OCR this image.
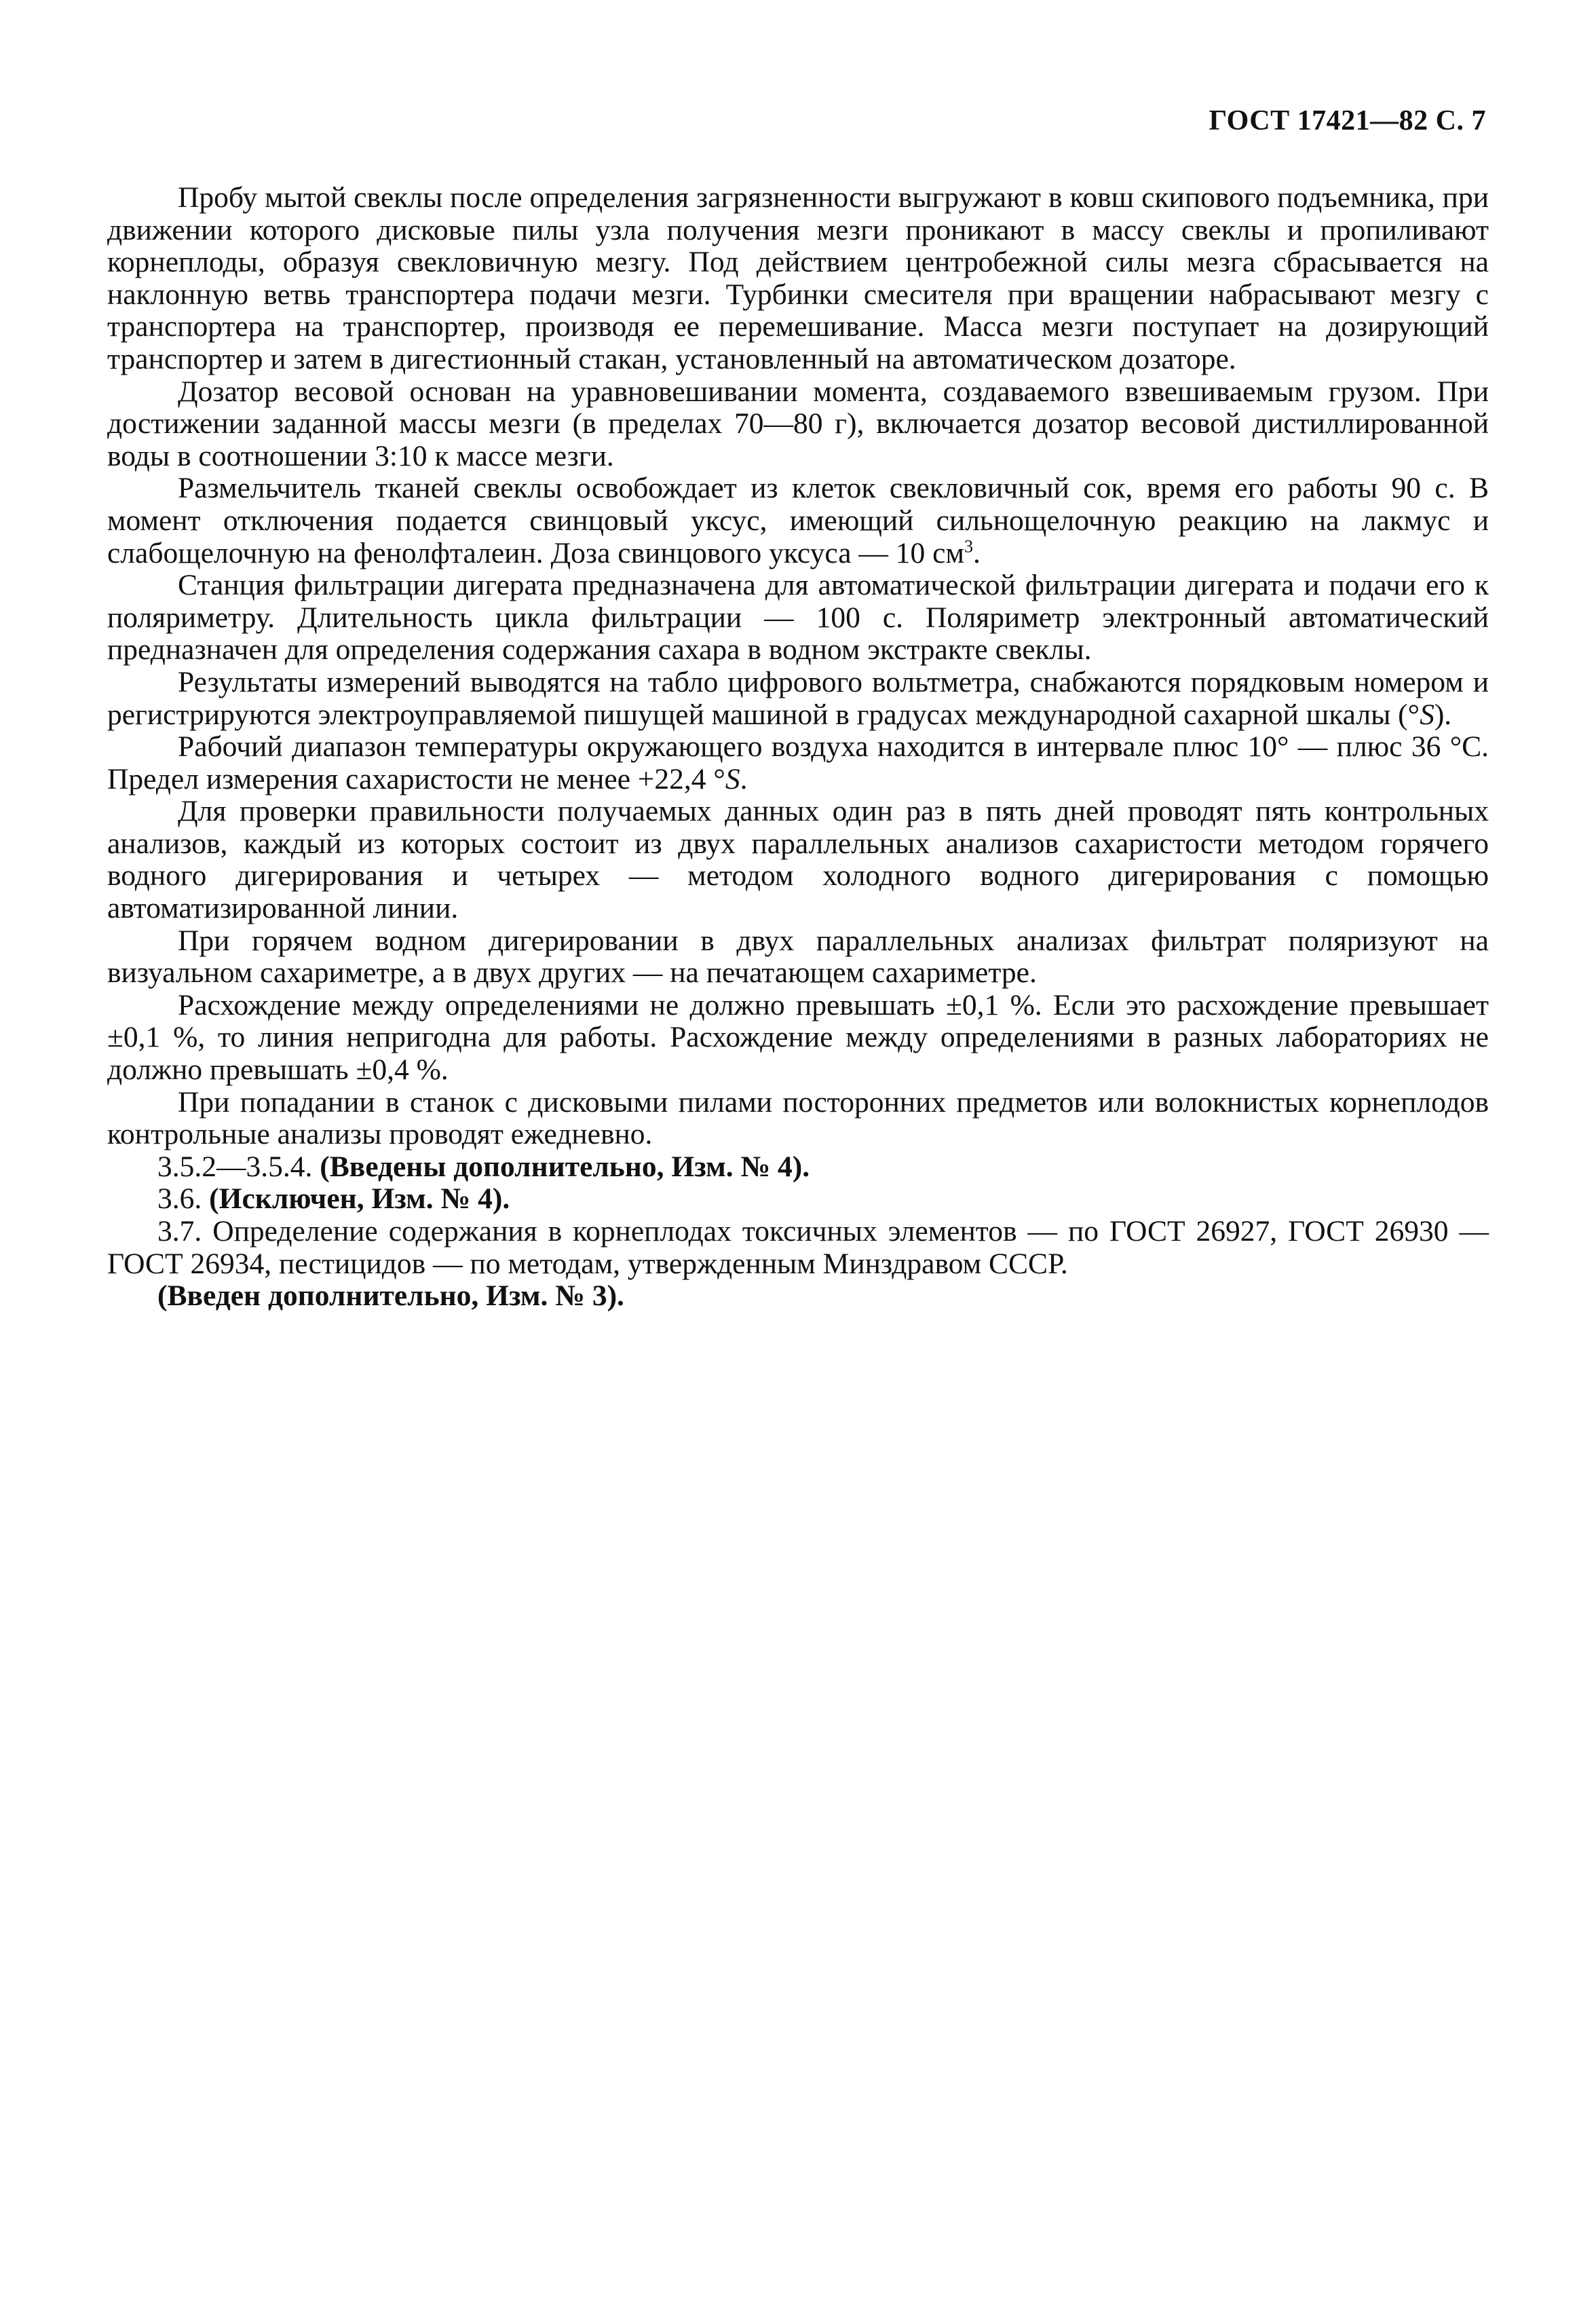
ГОСТ 17421—82 С. 7

Пробу мытой свеклы после определения загрязненности выгружают в ковш скипового подъемника, при движении которого дисковые пилы узла получения мезги проникают в массу свеклы и пропиливают корнеплоды, образуя свекловичную мезгу. Под действием центробежной силы мезга сбрасывается на наклонную ветвь транспортера подачи мезги. Турбинки смесителя при вращении набрасывают мезгу с транспортера на транспортер, производя ее перемешивание. Масса мезги поступает на дозирующий транспортер и затем в дигестионный стакан, установленный на автоматическом дозаторе.

Дозатор весовой основан на уравновешивании момента, создаваемого взвешиваемым грузом. При достижении заданной массы мезги (в пределах 70—80 г), включается дозатор весовой дистиллированной воды в соотношении 3:10 к массе мезги.

Размельчитель тканей свеклы освобождает из клеток свекловичный сок, время его работы 90 с. В момент отключения подается свинцовый уксус, имеющий сильнощелочную реакцию на лакмус и слабощелочную на фенолфталеин. Доза свинцового уксуса — 10 $см^3$.

Станция фильтрации дигерата предназначена для автоматической фильтрации дигерата и подачи его к поляриметру. Длительность цикла фильтрации — 100 с. Поляриметр электронный автоматический предназначен для определения содержания сахара в водном экстракте свеклы.

Результаты измерений выводятся на табло цифрового вольтметра, снабжаются порядковым номером и регистрируются электроуправляемой пишущей машиной в градусах международной сахарной шкалы (°S).

Рабочий диапазон температуры окружающего воздуха находится в интервале плюс 10° — плюс 36 °С. Предел измерения сахаристости не менее +22,4 °S.

Для проверки правильности получаемых данных один раз в пять дней проводят пять контрольных анализов, каждый из которых состоит из двух параллельных анализов сахаристости методом горячего водного дигерирования и четырех — методом холодного водного дигерирования с помощью автоматизированной линии.

При горячем водном дигерировании в двух параллельных анализах фильтрат поляризуют на визуальном сахариметре, а в двух других — на печатающем сахариметре.

Расхождение между определениями не должно превышать ±0,1 %. Если это расхождение превышает ±0,1 %, то линия непригодна для работы. Расхождение между определениями в разных лабораториях не должно превышать ±0,4 %.

При попадании в станок с дисковыми пилами посторонних предметов или волокнистых корнеплодов контрольные анализы проводят ежедневно.

3.5.2—3.5.4. (Введены дополнительно, Изм. № 4).

3.6. (Исключен, Изм. № 4).

3.7. Определение содержания в корнеплодах токсичных элементов — по ГОСТ 26927, ГОСТ 26930 — ГОСТ 26934, пестицидов — по методам, утвержденным Минздравом СССР.

(Введен дополнительно, Изм. № 3).
